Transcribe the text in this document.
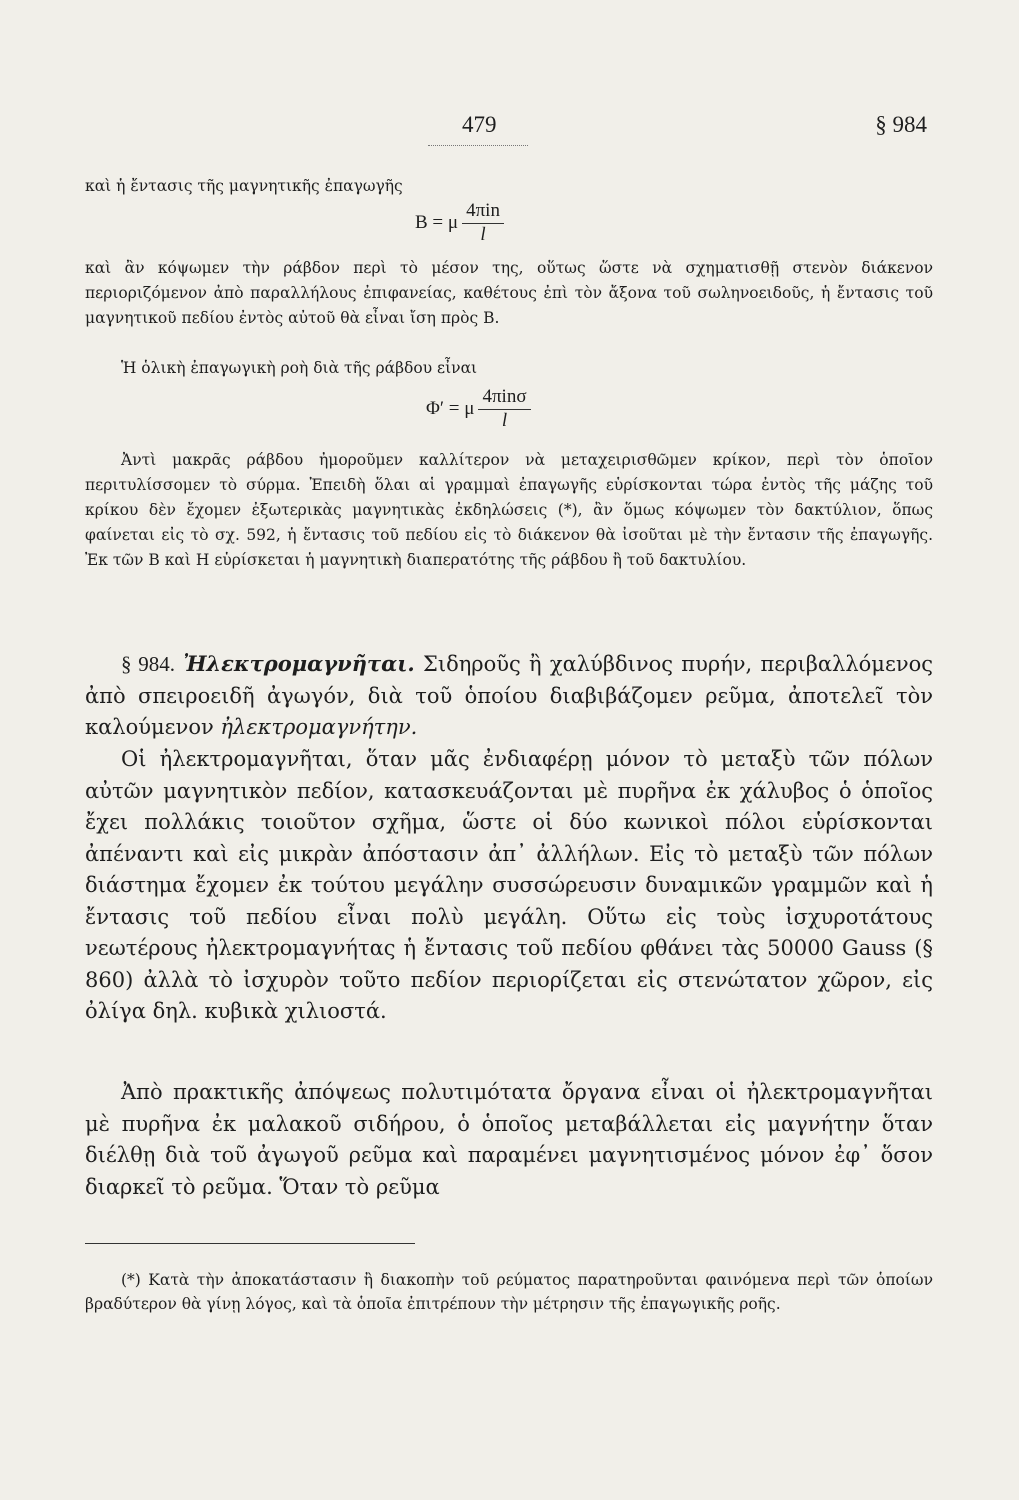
479	§ 984

καὶ ἡ ἔντασις τῆς μαγνητικῆς ἐπαγωγῆς

B = μ $\frac{\text{4πin}}{l}$

καὶ ἂν κόψωμεν τὴν ράβδον περὶ τὸ μέσον της, οὕτως ὥστε νὰ σχηματισθῇ στενὸν διάκενον περιοριζόμενον ἀπὸ παραλλήλους ἐπιφανείας, καθέτους ἐπὶ τὸν ἄξονα τοῦ σωληνοειδοῦς, ἡ ἔντασις τοῦ μαγνητικοῦ πεδίου ἐντὸς αὐτοῦ θὰ εἶναι ἴση πρὸς B.

Ἡ ὁλικὴ ἐπαγωγικὴ ροὴ διὰ τῆς ράβδου εἶναι

Φ′ = μ $\frac{\text{4πinσ}}{l}$

Ἀντὶ μακρᾶς ράβδου ἠμοροῦμεν καλλίτερον νὰ μεταχειρισθῶμεν κρίκον, περὶ τὸν ὁποῖον περιτυλίσσομεν τὸ σύρμα. Ἐπειδὴ ὅλαι αἱ γραμμαὶ ἐπαγωγῆς εὑρίσκονται τώρα ἐντὸς τῆς μάζης τοῦ κρίκου δὲν ἔχομεν ἐξωτερικὰς μαγνητικὰς ἐκδηλώσεις (*), ἂν ὅμως κόψωμεν τὸν δακτύλιον, ὅπως φαίνεται εἰς τὸ σχ. 592, ἡ ἔντασις τοῦ πεδίου εἰς τὸ διάκενον θὰ ἰσοῦται μὲ τὴν ἔντασιν τῆς ἐπαγωγῆς. Ἐκ τῶν B καὶ H εὑρίσκεται ἡ μαγνητικὴ διαπερατότης τῆς ράβδου ἢ τοῦ δακτυλίου.

§ 984. Ἠλεκτρομαγνῆται. Σιδηροῦς ἢ χαλύβδινος πυρήν, περιβαλλόμενος ἀπὸ σπειροειδῆ ἀγωγόν, διὰ τοῦ ὁποίου διαβιβάζομεν ρεῦμα, ἀποτελεῖ τὸν καλούμενον ἠλεκτρομαγνήτην.

Οἱ ἠλεκτρομαγνῆται, ὅταν μᾶς ἐνδιαφέρῃ μόνον τὸ μεταξὺ τῶν πόλων αὐτῶν μαγνητικὸν πεδίον, κατασκευάζονται μὲ πυρῆνα ἐκ χάλυβος ὁ ὁποῖος ἔχει πολλάκις τοιοῦτον σχῆμα, ὥστε οἱ δύο κωνικοὶ πόλοι εὑρίσκονται ἀπέναντι καὶ εἰς μικρὰν ἀπόστασιν ἀπ᾿ ἀλλήλων. Εἰς τὸ μεταξὺ τῶν πόλων διάστημα ἔχομεν ἐκ τούτου μεγάλην συσσώρευσιν δυναμικῶν γραμμῶν καὶ ἡ ἔντασις τοῦ πεδίου εἶναι πολὺ μεγάλη. Οὕτω εἰς τοὺς ἰσχυροτάτους νεωτέρους ἠλεκτρομαγνήτας ἡ ἔντασις τοῦ πεδίου φθάνει τὰς 50000 Gauss (§ 860) ἀλλὰ τὸ ἰσχυρὸν τοῦτο πεδίον περιορίζεται εἰς στενώτατον χῶρον, εἰς ὀλίγα δηλ. κυβικὰ χιλιοστά.

Ἀπὸ πρακτικῆς ἀπόψεως πολυτιμότατα ὄργανα εἶναι οἱ ἠλεκτρομαγνῆται μὲ πυρῆνα ἐκ μαλακοῦ σιδήρου, ὁ ὁποῖος μεταβάλλεται εἰς μαγνήτην ὅταν διέλθῃ διὰ τοῦ ἀγωγοῦ ρεῦμα καὶ παραμένει μαγνητισμένος μόνον ἐφ᾿ ὅσον διαρκεῖ τὸ ρεῦμα. Ὅταν τὸ ρεῦμα

(*) Κατὰ τὴν ἀποκατάστασιν ἢ διακοπὴν τοῦ ρεύματος παρατηροῦνται φαινόμενα περὶ τῶν ὁποίων βραδύτερον θὰ γίνῃ λόγος, καὶ τὰ ὁποῖα ἐπιτρέπουν τὴν μέτρησιν τῆς ἐπαγωγικῆς ροῆς.
